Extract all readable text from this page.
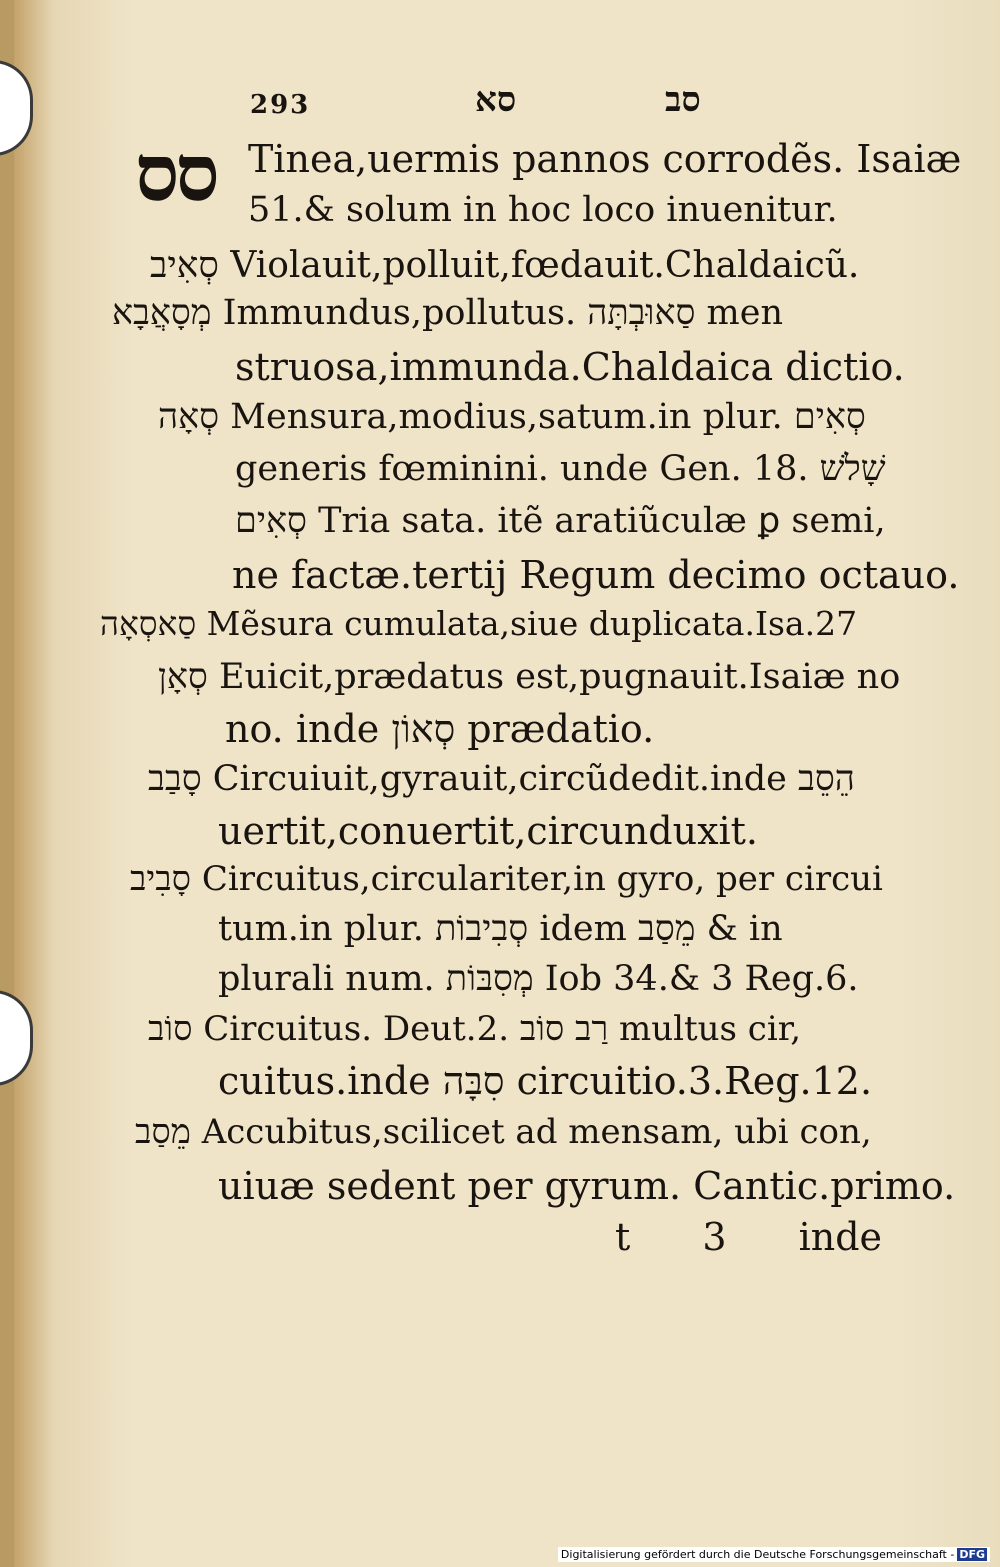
293	סא	סב
סס Tinea,uermis pannos corrodẽs. Isaiæ
51.& solum in hoc loco inuenitur.
סְאִיב Violauit,polluit,fœdauit.Chaldaicũ.
מְסָאֲבָא Immundus,pollutus. סַאוּבְתָּה men
struosa,immunda.Chaldaica dictio.
סְאָה Mensura,modius,satum.in plur. סְאִים
generis fœminini. unde Gen. 18. שָׁלֹשׁ
סְאִים Tria sata. itẽ aratiũculæ ꝑ semi,
ne factæ.tertij Regum decimo octauo.
סַאסְאָה Mẽsura cumulata,siue duplicata.Isa.27
סְאָן Euicit,prædatus est,pugnauit.Isaiæ no
no. inde סְאוֹן prædatio.
סָבַב Circuiuit,gyrauit,circũdedit.inde הֵסֵב
uertit,conuertit,circunduxit.
סָבִיב Circuitus,circulariter,in gyro, per circui
tum.in plur. סְבִיבוֹת idem מֵסַב & in
plurali num. מְסִבּוֹת Iob 34.& 3 Reg.6.
סוֹב Circuitus. Deut.2. רַב סוֹב multus cir,
cuitus.inde סִבָּה circuitio.3.Reg.12.
מֵסַב Accubitus,scilicet ad mensam, ubi con,
uiuæ sedent per gyrum. Cantic.primo.
t 3 inde
Digitalisierung gefördert durch die Deutsche Forschungsgemeinschaft - DFG
